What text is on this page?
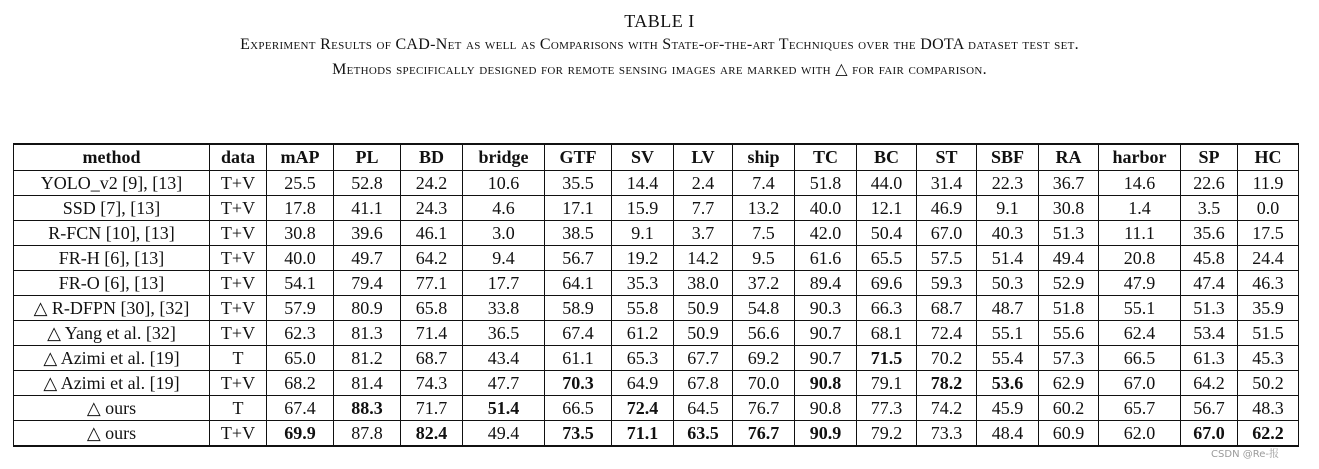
TABLE I
Experiment Results of CAD-Net as well as Comparisons with State-of-the-art Techniques over the DOTA dataset test set.
Methods specifically designed for remote sensing images are marked with △ for fair comparison.
method	data	mAP	PL	BD	bridge	GTF	SV	LV	ship	TC	BC	ST	SBF	RA	harbor	SP	HC
YOLO_v2 [9], [13]	T+V	25.5	52.8	24.2	10.6	35.5	14.4	2.4	7.4	51.8	44.0	31.4	22.3	36.7	14.6	22.6	11.9
SSD [7], [13]	T+V	17.8	41.1	24.3	4.6	17.1	15.9	7.7	13.2	40.0	12.1	46.9	9.1	30.8	1.4	3.5	0.0
R-FCN [10], [13]	T+V	30.8	39.6	46.1	3.0	38.5	9.1	3.7	7.5	42.0	50.4	67.0	40.3	51.3	11.1	35.6	17.5
FR-H [6], [13]	T+V	40.0	49.7	64.2	9.4	56.7	19.2	14.2	9.5	61.6	65.5	57.5	51.4	49.4	20.8	45.8	24.4
FR-O [6], [13]	T+V	54.1	79.4	77.1	17.7	64.1	35.3	38.0	37.2	89.4	69.6	59.3	50.3	52.9	47.9	47.4	46.3
△ R-DFPN [30], [32]	T+V	57.9	80.9	65.8	33.8	58.9	55.8	50.9	54.8	90.3	66.3	68.7	48.7	51.8	55.1	51.3	35.9
△ Yang et al. [32]	T+V	62.3	81.3	71.4	36.5	67.4	61.2	50.9	56.6	90.7	68.1	72.4	55.1	55.6	62.4	53.4	51.5
△ Azimi et al. [19]	T	65.0	81.2	68.7	43.4	61.1	65.3	67.7	69.2	90.7	71.5	70.2	55.4	57.3	66.5	61.3	45.3
△ Azimi et al. [19]	T+V	68.2	81.4	74.3	47.7	70.3	64.9	67.8	70.0	90.8	79.1	78.2	53.6	62.9	67.0	64.2	50.2
△ ours	T	67.4	88.3	71.7	51.4	66.5	72.4	64.5	76.7	90.8	77.3	74.2	45.9	60.2	65.7	56.7	48.3
△ ours	T+V	69.9	87.8	82.4	49.4	73.5	71.1	63.5	76.7	90.9	79.2	73.3	48.4	60.9	62.0	67.0	62.2
CSDN @Re-报
